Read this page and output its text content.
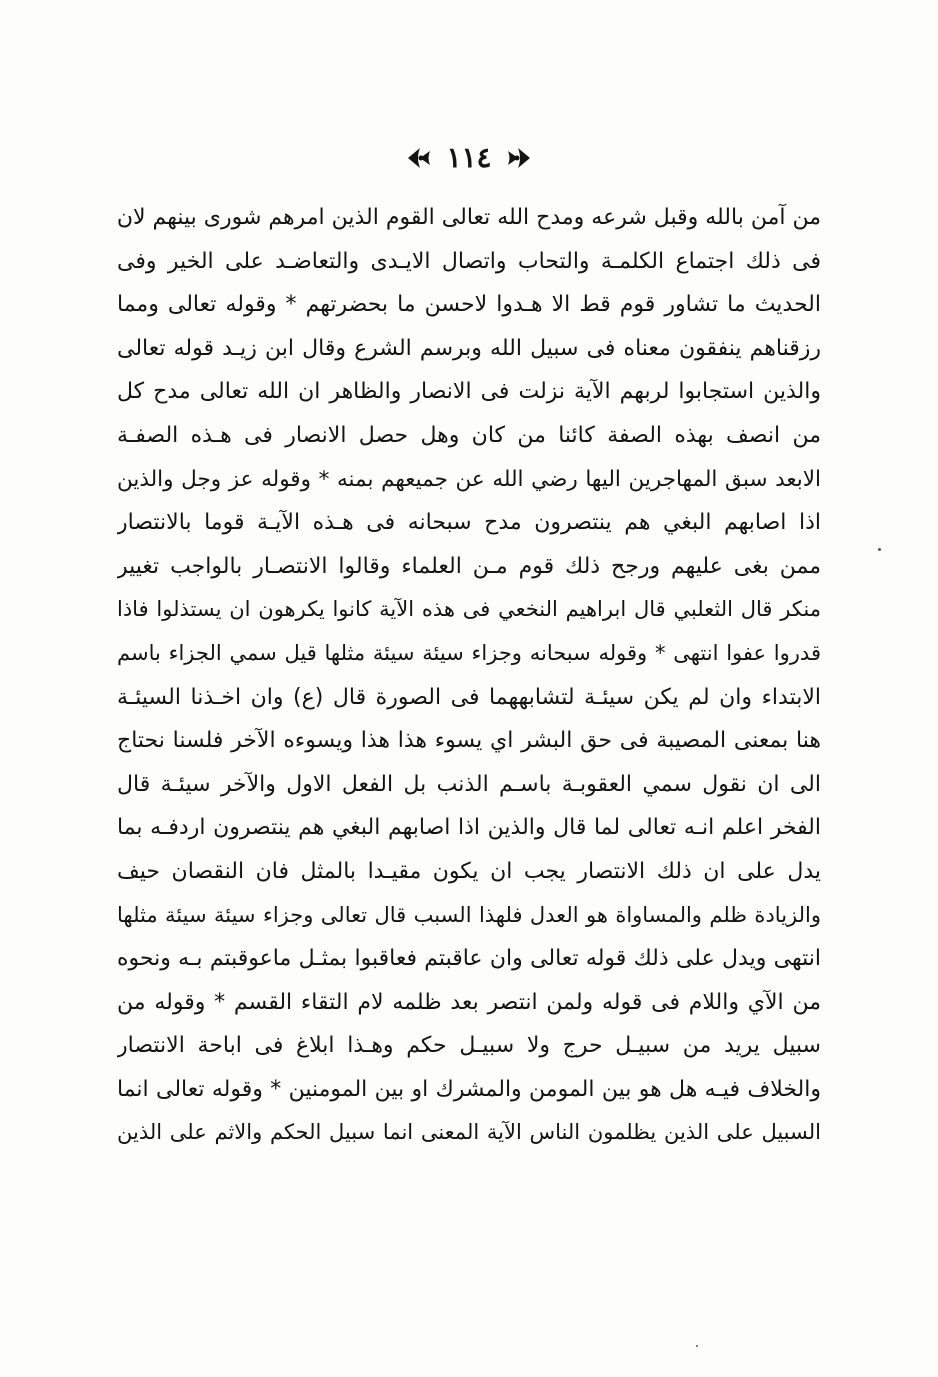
١١٤
من آمن بالله وقبل شرعه ومدح الله تعالى القوم الذين امرهم شورى بينهم لان
فى ذلك اجتماع الكلمـة والتحاب واتصال الايـدى والتعاضـد على الخير وفى
الحديث ما تشاور قوم قط الا هـدوا لاحسن ما بحضرتهم * وقوله تعالى ومما
رزقناهم ينفقون معناه فى سبيل الله وبرسم الشرع وقال ابن زيـد قوله تعالى
والذين استجابوا لربهم الآية نزلت فى الانصار والظاهر ان الله تعالى مدح كل
من انصف بهذه الصفة كائنا من كان وهل حصل الانصار فى هـذه الصفـة
الابعد سبق المهاجرين اليها رضي الله عن جميعهم بمنه * وقوله عز وجل والذين
اذا اصابهم البغي هم ينتصرون مدح سبحانه فى هـذه الآيـة قوما بالانتصار
ممن بغى عليهم ورجح ذلك قوم مـن العلماء وقالوا الانتصـار بالواجب تغيير
منكر قال الثعلبي قال ابراهيم النخعي فى هذه الآية كانوا يكرهون ان يستذلوا فاذا
قدروا عفوا انتهى * وقوله سبحانه وجزاء سيئة سيئة مثلها قيل سمي الجزاء باسم
الابتداء وان لم يكن سيئـة لتشابههما فى الصورة قال (ع) وان اخـذنا السيئـة
هنا بمعنى المصيبة فى حق البشر اي يسوء هذا هذا ويسوءه الآخر فلسنا نحتاج
الى ان نقول سمي العقوبـة باسـم الذنب بل الفعل الاول والآخر سيئـة قال
الفخر اعلم انـه تعالى لما قال والذين اذا اصابهم البغي هم ينتصرون اردفـه بما
يدل على ان ذلك الانتصار يجب ان يكون مقيـدا بالمثل فان النقصان حيف
والزيادة ظلم والمساواة هو العدل فلهذا السبب قال تعالى وجزاء سيئة سيئة مثلها
انتهى ويدل على ذلك قوله تعالى وان عاقبتم فعاقبوا بمثـل ماعوقبتم بـه ونحوه
من الآي واللام فى قوله ولمن انتصر بعد ظلمه لام التقاء القسم * وقوله من
سبيل يريد من سبيـل حرج ولا سبيـل حكم وهـذا ابلاغ فى اباحة الانتصار
والخلاف فيـه هل هو بين المومن والمشرك او بين المومنين * وقوله تعالى انما
السبيل على الذين يظلمون الناس الآية المعنى انما سبيل الحكم والاثم على الذين
